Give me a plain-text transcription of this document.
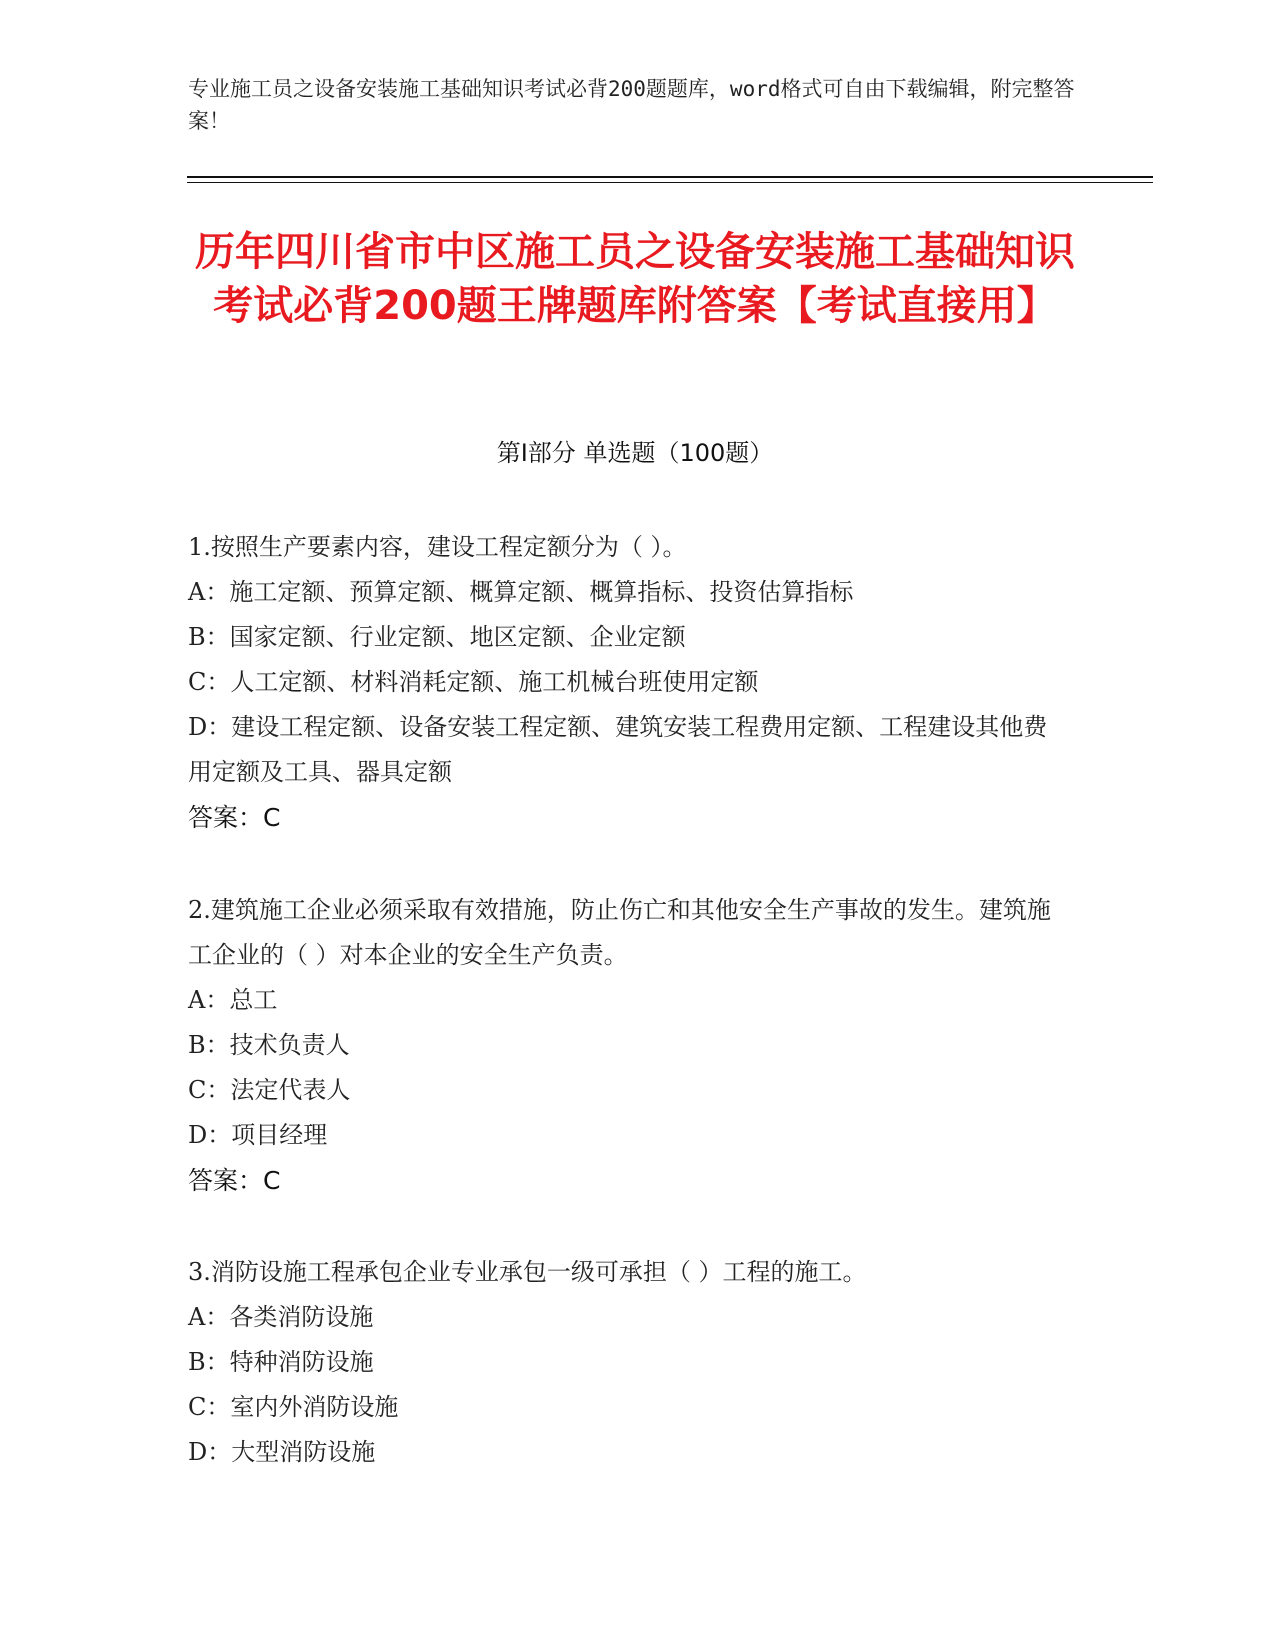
专业施工员之设备安装施工基础知识考试必背200题题库，word格式可自由下载编辑，附完整答案！
历年四川省市中区施工员之设备安装施工基础知识考试必背200题王牌题库附答案【考试直接用】
第Ⅰ部分 单选题（100题）
1.按照生产要素内容，建设工程定额分为（ ）。
A：施工定额、预算定额、概算定额、概算指标、投资估算指标
B：国家定额、行业定额、地区定额、企业定额
C：人工定额、材料消耗定额、施工机械台班使用定额
D：建设工程定额、设备安装工程定额、建筑安装工程费用定额、工程建设其他费用定额及工具、器具定额
答案：C
2.建筑施工企业必须采取有效措施，防止伤亡和其他安全生产事故的发生。建筑施工企业的（ ）对本企业的安全生产负责。
A：总工
B：技术负责人
C：法定代表人
D：项目经理
答案：C
3.消防设施工程承包企业专业承包一级可承担（ ）工程的施工。
A：各类消防设施
B：特种消防设施
C：室内外消防设施
D：大型消防设施
